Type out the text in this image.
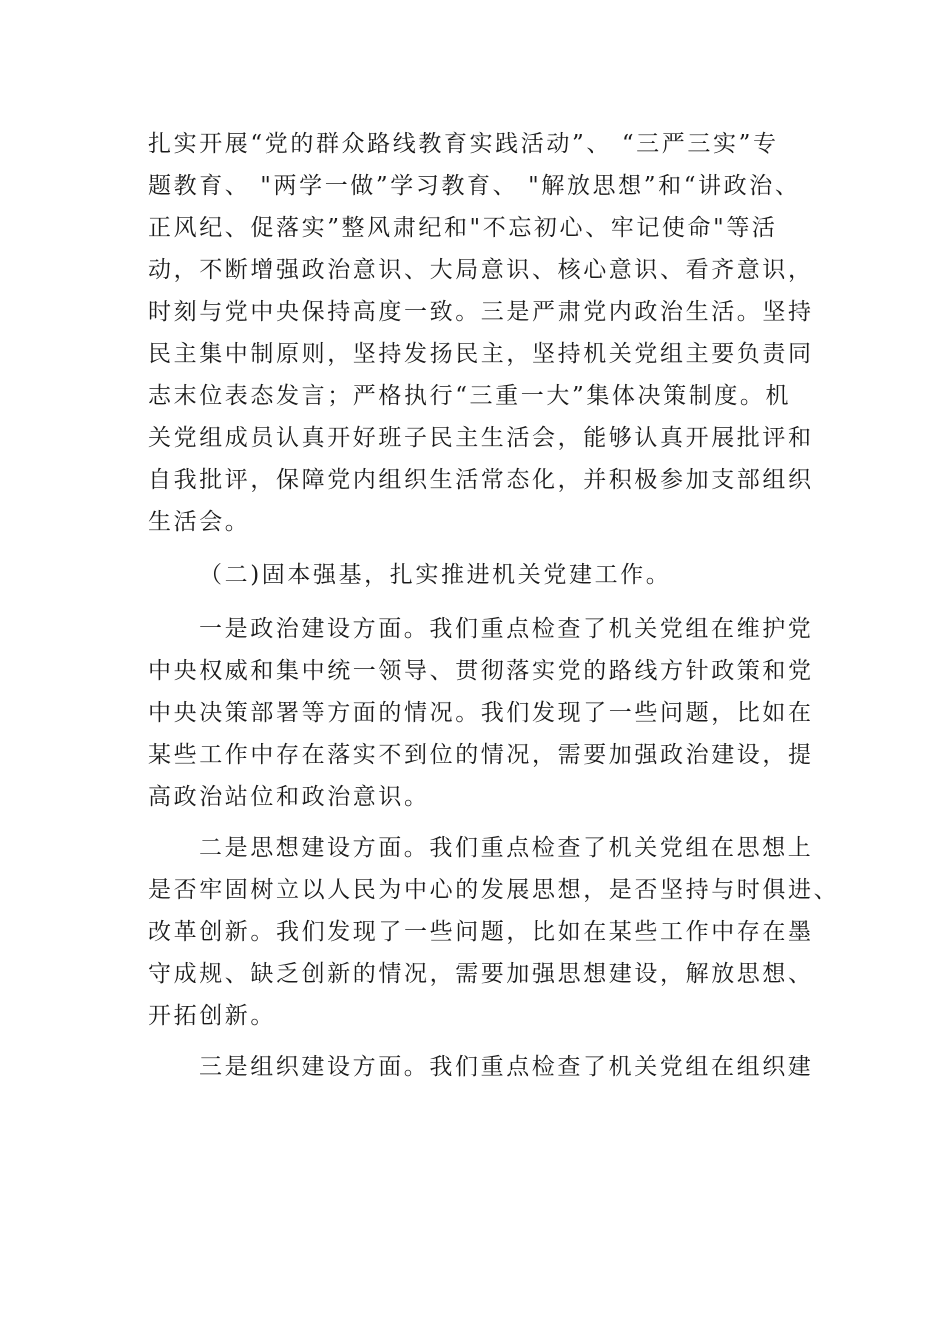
扎实开展“党的群众路线教育实践活动”、 “三严三实”专

题教育、 "两学一做”学习教育、 "解放思想”和“讲政治、

正风纪、促落实”整风肃纪和"不忘初心、牢记使命"等活

动，不断增强政治意识、大局意识、核心意识、看齐意识，

时刻与党中央保持高度一致。三是严肃党内政治生活。坚持

民主集中制原则，坚持发扬民主，坚持机关党组主要负责同

志末位表态发言；严格执行“三重一大”集体决策制度。机

关党组成员认真开好班子民主生活会，能够认真开展批评和

自我批评，保障党内组织生活常态化，并积极参加支部组织

生活会。

（二)固本强基，扎实推进机关党建工作。

一是政治建设方面。我们重点检查了机关党组在维护党

中央权威和集中统一领导、贯彻落实党的路线方针政策和党

中央决策部署等方面的情况。我们发现了一些问题，比如在

某些工作中存在落实不到位的情况，需要加强政治建设，提

高政治站位和政治意识。

二是思想建设方面。我们重点检查了机关党组在思想上

是否牢固树立以人民为中心的发展思想，是否坚持与时俱进、

改革创新。我们发现了一些问题，比如在某些工作中存在墨

守成规、缺乏创新的情况，需要加强思想建设，解放思想、

开拓创新。

三是组织建设方面。我们重点检查了机关党组在组织建
